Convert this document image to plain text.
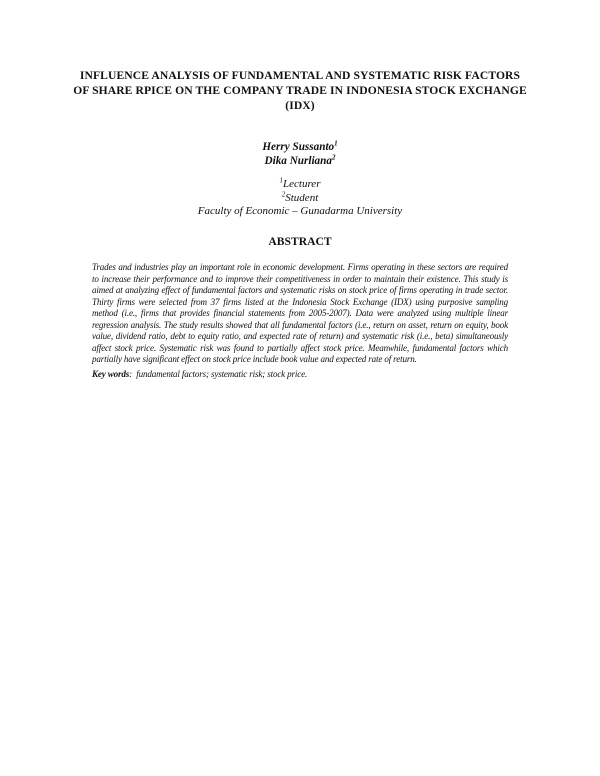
INFLUENCE ANALYSIS OF FUNDAMENTAL AND SYSTEMATIC RISK FACTORS
OF SHARE RPICE ON THE COMPANY TRADE IN INDONESIA STOCK EXCHANGE
(IDX)
Herry Sussanto$^1$
Dika Nurliana$^2$
$^1$Lecturer
$^2$Student
Faculty of Economic – Gunadarma University
ABSTRACT
Trades and industries play an important role in economic development. Firms operating in these sectors are required to increase their performance and to improve their competitiveness in order to maintain their existence. This study is aimed at analyzing effect of fundamental factors and systematic risks on stock price of firms operating in trade sector. Thirty firms were selected from 37 firms listed at the Indonesia Stock Exchange (IDX) using purposive sampling method (i.e., firms that provides financial statements from 2005-2007). Data were analyzed using multiple linear regression analysis. The study results showed that all fundamental factors (i.e., return on asset, return on equity, book value, dividend ratio, debt to equity ratio, and expected rate of return) and systematic risk (i.e., beta) simultaneously affect stock price. Systematic risk was found to partially affect stock price. Meanwhile, fundamental factors which partially have significant effect on stock price include book value and expected rate of return.
Key words: fundamental factors; systematic risk; stock price.
